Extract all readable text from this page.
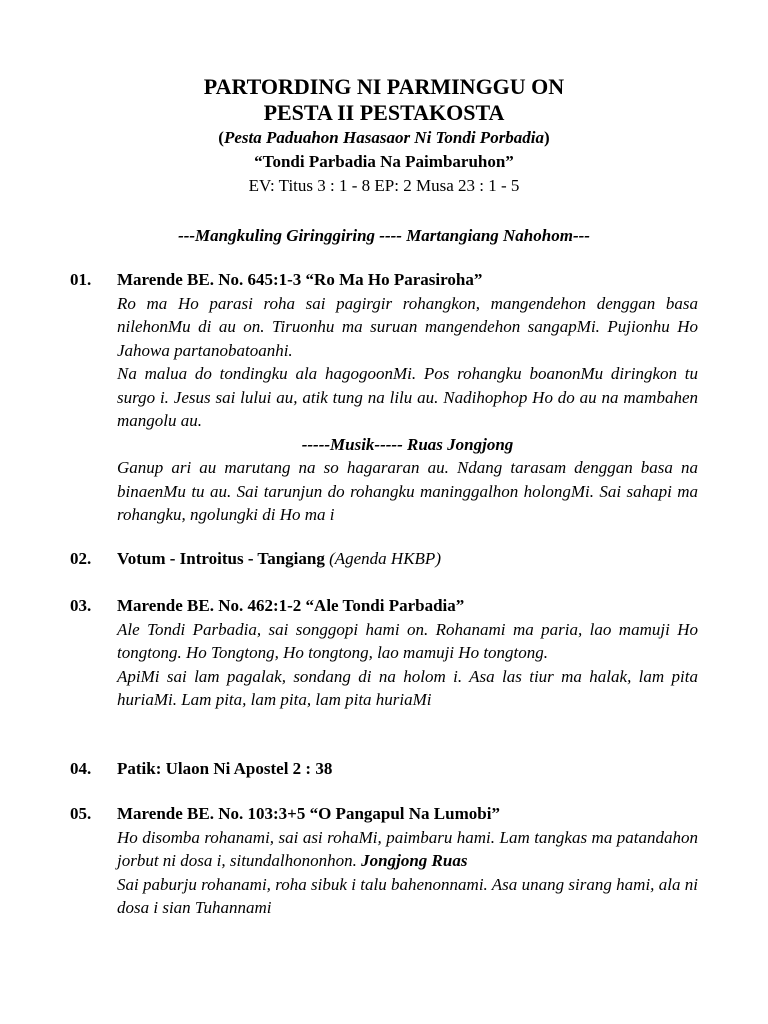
PARTORDING NI PARMINGGU ON
PESTA II PESTAKOSTA
(Pesta Paduahon Hasasaor Ni Tondi Porbadia)
“Tondi Parbadia Na Paimbaruhon”
EV: Titus 3 : 1 - 8 EP: 2 Musa 23 : 1 - 5
---Mangkuling Giringgiring ---- Martangiang Nahohom---
01. Marende BE. No. 645:1-3 “Ro Ma Ho Parasiroha”
Ro ma Ho parasi roha sai pagirgir rohangkon, mangendehon denggan basa nilehonMu di au on. Tiruonhu ma suruan mangendehon sangapMi. Pujionhu Ho Jahowa partanobatoanhi.
Na malua do tondingku ala hagogoonMi. Pos rohangku boanonMu diringkon tu surgo i. Jesus sai lului au, atik tung na lilu au. Nadihophop Ho do au na mambahen mangolu au.
-----Musik----- Ruas Jongjong
Ganup ari au marutang na so hagararan au. Ndang tarasam denggan basa na binaenMu tu au. Sai tarunjun do rohangku maninggalhon holongMi. Sai sahapi ma rohangku, ngolungki di Ho ma i
02. Votum - Introitus - Tangiang (Agenda HKBP)
03. Marende BE. No. 462:1-2 “Ale Tondi Parbadia”
Ale Tondi Parbadia, sai songgopi hami on. Rohanami ma paria, lao mamuji Ho tongtong. Ho Tongtong, Ho tongtong, lao mamuji Ho tongtong.
ApiMi sai lam pagalak, sondang di na holom i. Asa las tiur ma halak, lam pita huriaMi. Lam pita, lam pita, lam pita huriaMi
04. Patik: Ulaon Ni Apostel 2 : 38
05. Marende BE. No. 103:3+5 “O Pangapul Na Lumobi”
Ho disomba rohanami, sai asi rohaMi, paimbaru hami. Lam tangkas ma patandahon jorbut ni dosa i, situndalhononhon. Jongjong Ruas
Sai paburju rohanami, roha sibuk i talu bahenonnami. Asa unang sirang hami, ala ni dosa i sian Tuhannami
